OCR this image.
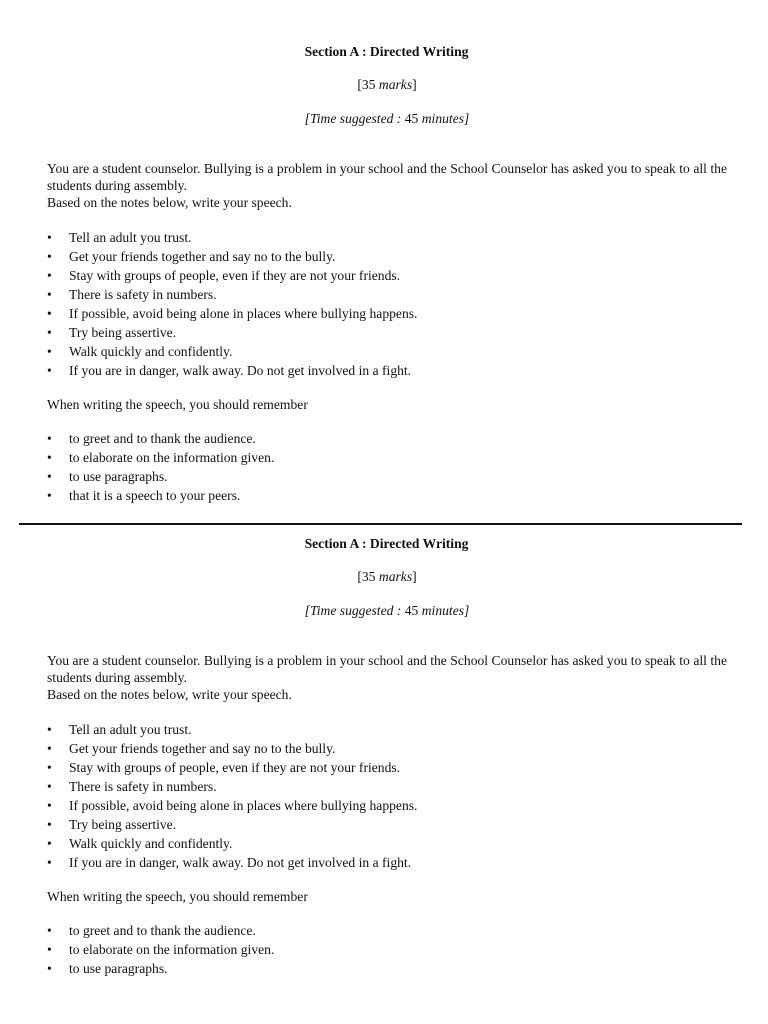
Section A : Directed Writing
[35 marks]
[Time suggested : 45 minutes]

You are a student counselor. Bullying is a problem in your school and the School Counselor has asked you to speak to all the students during assembly.

Based on the notes below, write your speech.

•	Tell an adult you trust.
•	Get your friends together and say no to the bully.
•	Stay with groups of people, even if they are not your friends.
•	There is safety in numbers.
•	If possible, avoid being alone in places where bullying happens.
•	Try being assertive.
•	Walk quickly and confidently.
•	If you are in danger, walk away. Do not get involved in a fight.
When writing the speech, you should remember
•	to greet and to thank the audience.
•	to elaborate on the information given.
•	to use paragraphs.
•	that it is a speech to your peers.
Section A : Directed Writing
[35 marks]
[Time suggested : 45 minutes]

You are a student counselor. Bullying is a problem in your school and the School Counselor has asked you to speak to all the students during assembly.

Based on the notes below, write your speech.

•	Tell an adult you trust.
•	Get your friends together and say no to the bully.
•	Stay with groups of people, even if they are not your friends.
•	There is safety in numbers.
•	If possible, avoid being alone in places where bullying happens.
•	Try being assertive.
•	Walk quickly and confidently.
•	If you are in danger, walk away. Do not get involved in a fight.
When writing the speech, you should remember
•	to greet and to thank the audience.
•	to elaborate on the information given.
•	to use paragraphs.
